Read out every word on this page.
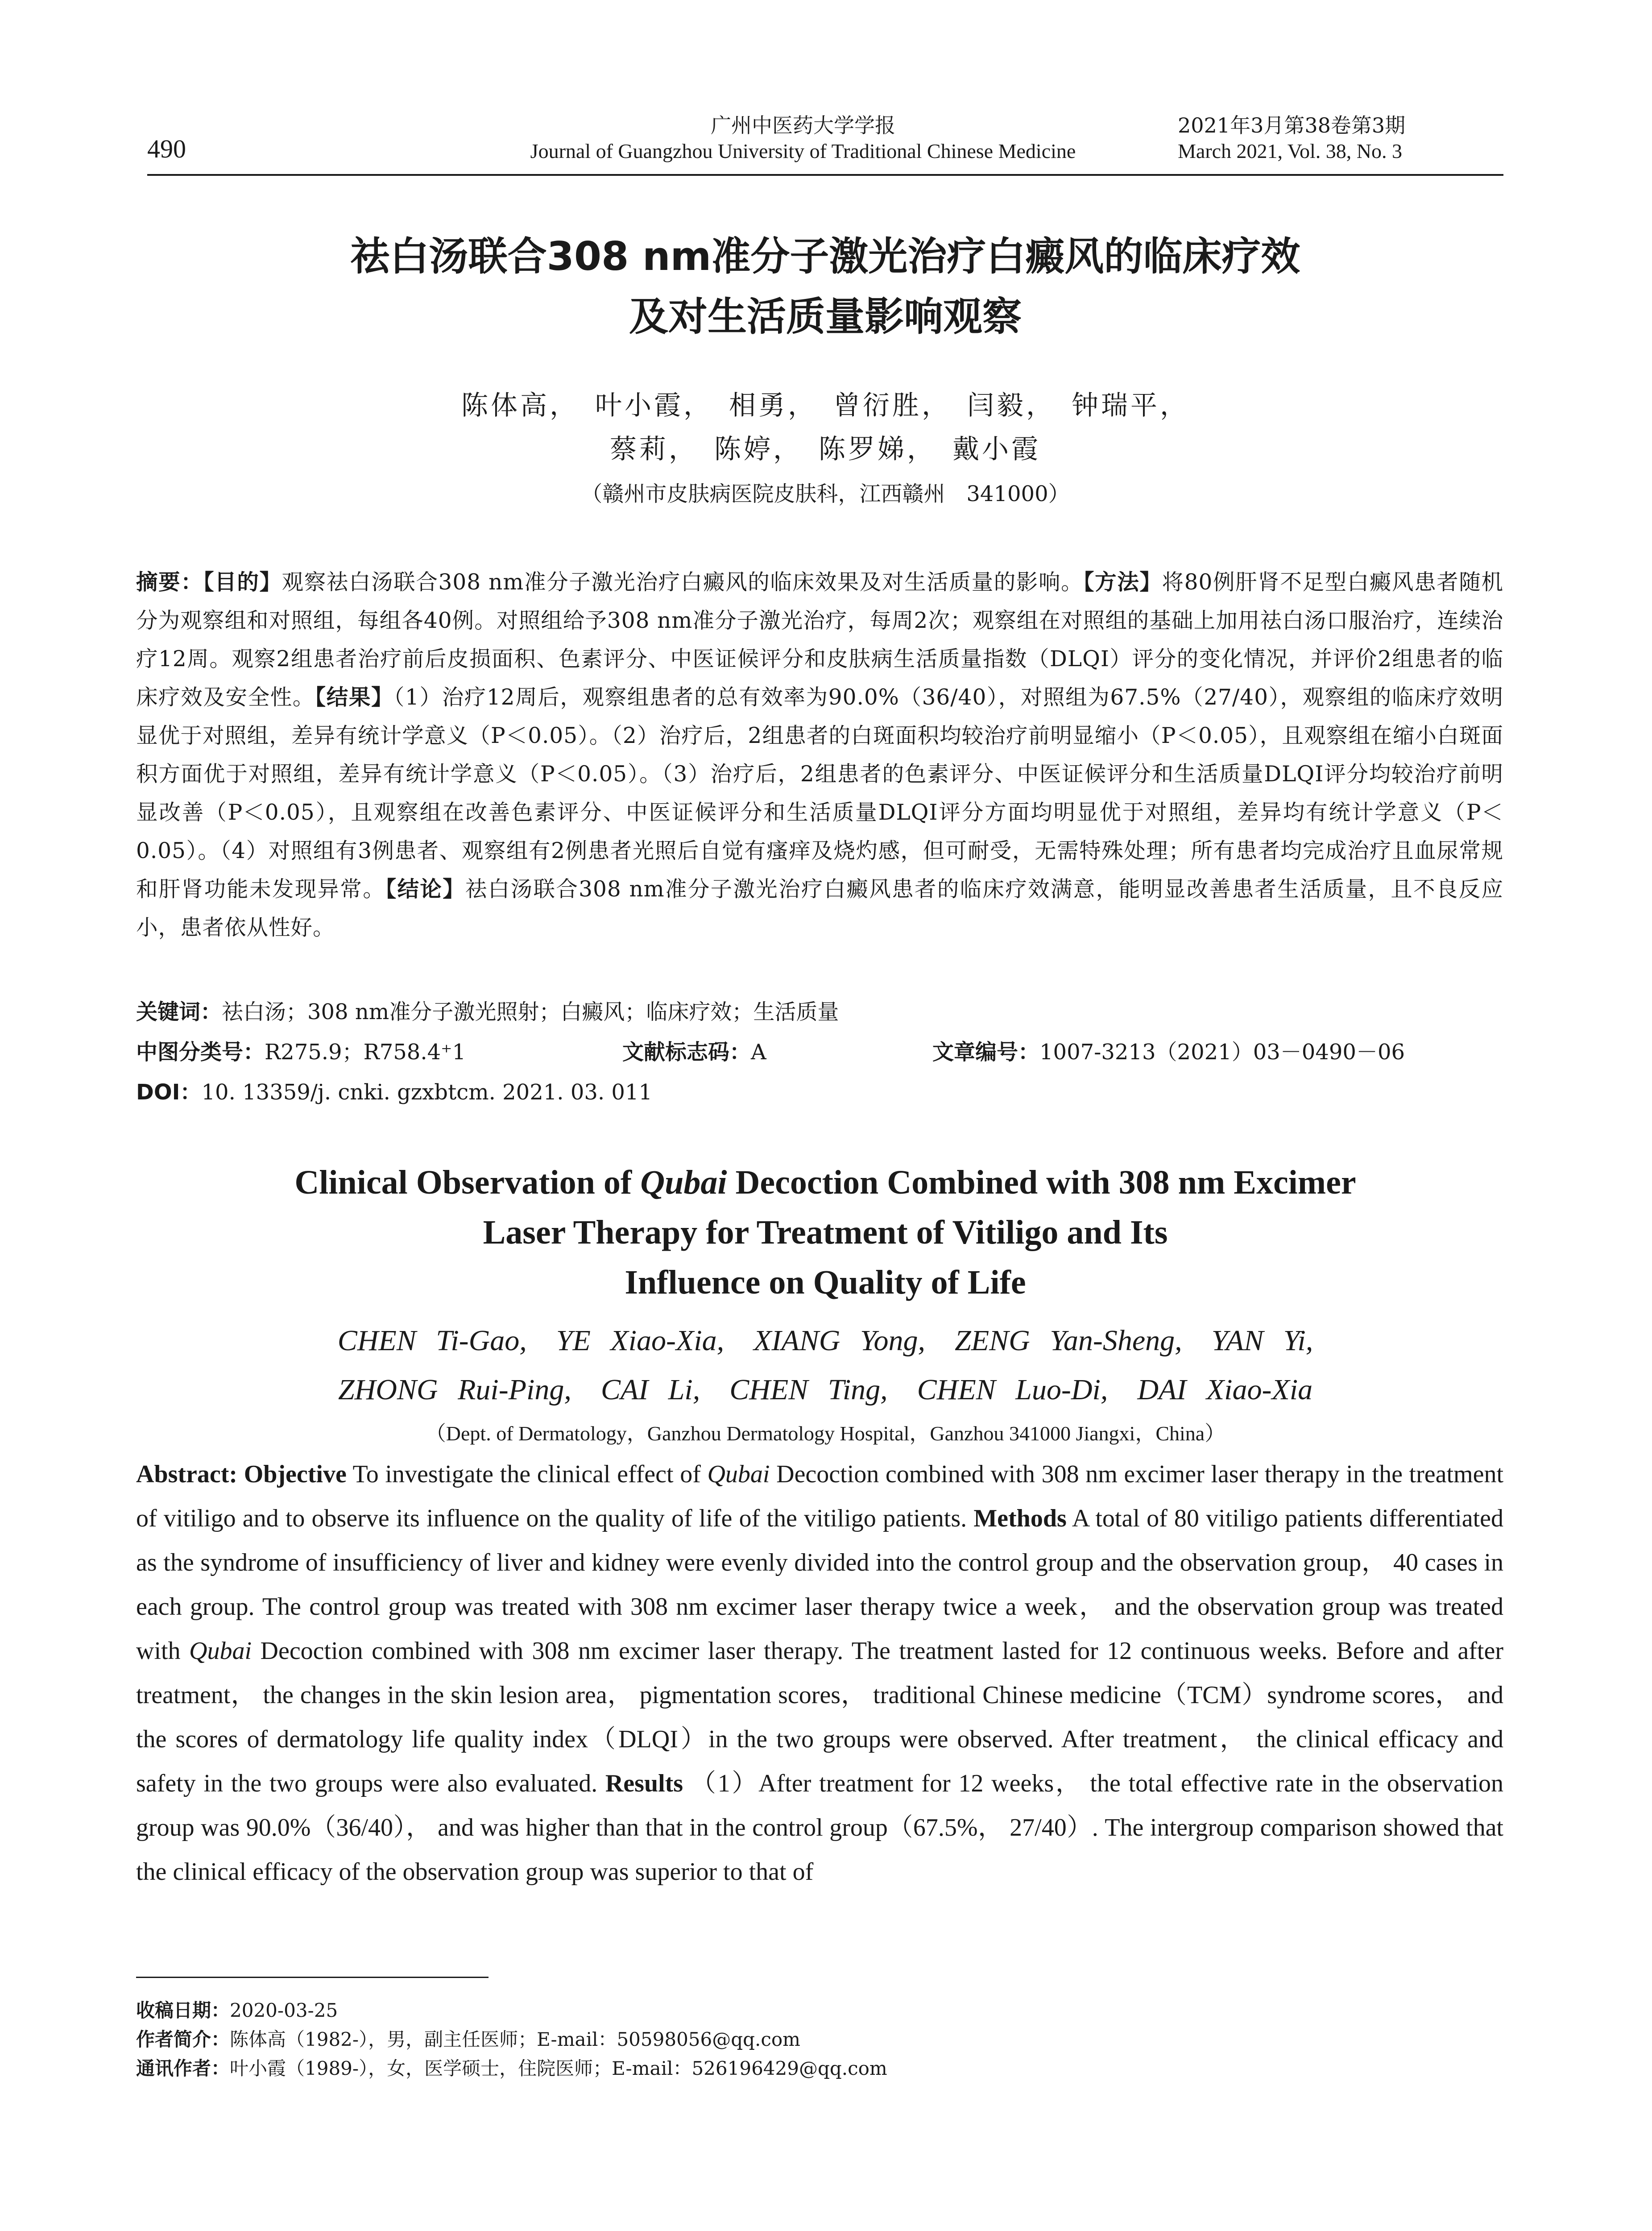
490
广州中医药大学学报
Journal of Guangzhou University of Traditional Chinese Medicine
2021年3月第38卷第3期
March 2021, Vol. 38, No. 3
祛白汤联合308 nm准分子激光治疗白癜风的临床疗效
及对生活质量影响观察
陈体高，　叶小霞，　相勇，　曾衍胜，　闫毅，　钟瑞平，
蔡莉，　陈婷，　陈罗娣，　戴小霞
（赣州市皮肤病医院皮肤科，江西赣州　341000）
摘要：【目的】观察祛白汤联合308 nm准分子激光治疗白癜风的临床效果及对生活质量的影响。【方法】将80例肝肾不足型白癜风患者随机分为观察组和对照组，每组各40例。对照组给予308 nm准分子激光治疗，每周2次；观察组在对照组的基础上加用祛白汤口服治疗，连续治疗12周。观察2组患者治疗前后皮损面积、色素评分、中医证候评分和皮肤病生活质量指数（DLQI）评分的变化情况，并评价2组患者的临床疗效及安全性。【结果】（1）治疗12周后，观察组患者的总有效率为90.0%（36/40），对照组为67.5%（27/40），观察组的临床疗效明显优于对照组，差异有统计学意义（P＜0.05）。（2）治疗后，2组患者的白斑面积均较治疗前明显缩小（P＜0.05），且观察组在缩小白斑面积方面优于对照组，差异有统计学意义（P＜0.05）。（3）治疗后，2组患者的色素评分、中医证候评分和生活质量DLQI评分均较治疗前明显改善（P＜0.05），且观察组在改善色素评分、中医证候评分和生活质量DLQI评分方面均明显优于对照组，差异均有统计学意义（P＜0.05）。（4）对照组有3例患者、观察组有2例患者光照后自觉有瘙痒及烧灼感，但可耐受，无需特殊处理；所有患者均完成治疗且血尿常规和肝肾功能未发现异常。【结论】祛白汤联合308 nm准分子激光治疗白癜风患者的临床疗效满意，能明显改善患者生活质量，且不良反应小，患者依从性好。
关键词：祛白汤；308 nm准分子激光照射；白癜风；临床疗效；生活质量
中图分类号：R275.9；R758.4⁺1	文献标志码：A	文章编号：1007-3213（2021）03－0490－06
DOI：10. 13359/j. cnki. gzxbtcm. 2021. 03. 011
Clinical Observation of Qubai Decoction Combined with 308 nm Excimer
Laser Therapy for Treatment of Vitiligo and Its
Influence on Quality of Life
CHEN Ti-Gao,　YE Xiao-Xia,　XIANG Yong,　ZENG Yan-Sheng,　YAN Yi,
ZHONG Rui-Ping,　CAI Li,　CHEN Ting,　CHEN Luo-Di,　DAI Xiao-Xia
（Dept. of Dermatology，Ganzhou Dermatology Hospital，Ganzhou 341000 Jiangxi，China）
Abstract: Objective To investigate the clinical effect of Qubai Decoction combined with 308 nm excimer laser therapy in the treatment of vitiligo and to observe its influence on the quality of life of the vitiligo patients. Methods A total of 80 vitiligo patients differentiated as the syndrome of insufficiency of liver and kidney were evenly divided into the control group and the observation group， 40 cases in each group. The control group was treated with 308 nm excimer laser therapy twice a week， and the observation group was treated with Qubai Decoction combined with 308 nm excimer laser therapy. The treatment lasted for 12 continuous weeks. Before and after treatment， the changes in the skin lesion area， pigmentation scores， traditional Chinese medicine（TCM）syndrome scores， and the scores of dermatology life quality index（DLQI）in the two groups were observed. After treatment， the clinical efficacy and safety in the two groups were also evaluated. Results （1）After treatment for 12 weeks， the total effective rate in the observation group was 90.0%（36/40）， and was higher than that in the control group（67.5%， 27/40）. The intergroup comparison showed that the clinical efficacy of the observation group was superior to that of
收稿日期：2020-03-25
作者简介：陈体高（1982-），男，副主任医师；E-mail：50598056@qq.com
通讯作者：叶小霞（1989-），女，医学硕士，住院医师；E-mail：526196429@qq.com
